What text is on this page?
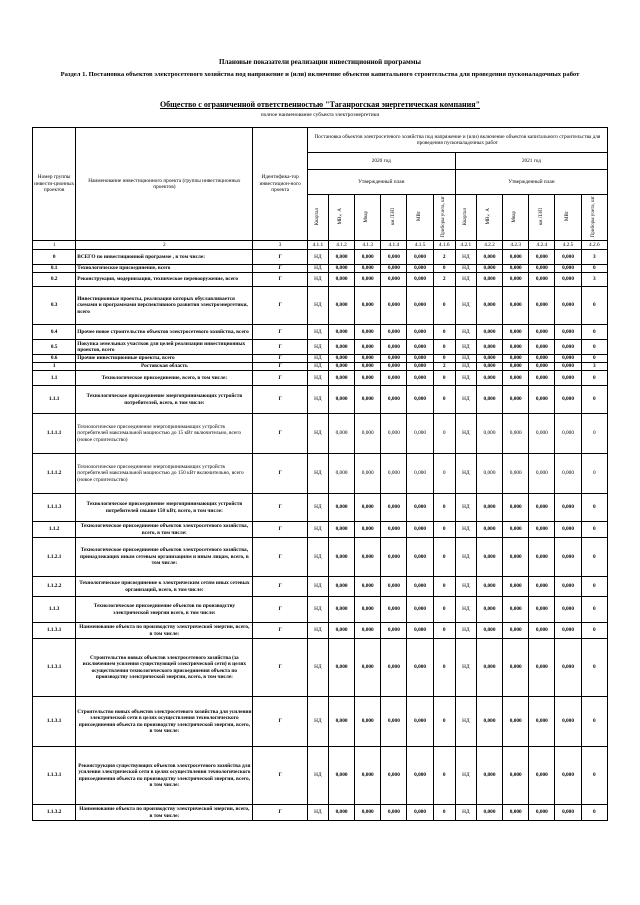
Плановые показатели реализации инвестиционной программы
Раздел 1. Постановка объектов электросетевого хозяйства под напряжение и (или) включение объектов капитального строительства для проведения пусконаладочных работ
Общество с ограниченной ответственностью "Таганрогская энергетическая компания"
полное наименование субъекта электроэнергетики
Номер группы инвести-ционных проектов	Наименование инвестиционного проекта (группы инвестиционных проектов)	Идентифика-тор инвестицион-ного проекта	Постановка объектов электросетевого хозяйства под напряжение и (или) включение объектов капитального строительства для проведения пусконаладочных работ											
			2020 год						2021 год					
			Утвержденный план						Утвержденный план					
			Квартал	МВ×А	Мвар	км ЛЭП	МВт	Приборы учета, шт	Квартал	МВ×А	Мвар	км ЛЭП	МВт	Приборы учета, шт
1	2	3	4.1.1	4.1.2	4.1.3	4.1.4	4.1.5	4.1.6	4.2.1	4.2.2	4.2.3	4.2.4	4.2.5	4.2.6
0	ВСЕГО по инвестиционной программе , в том числе:	Г	НД	0,000	0,000	0,000	0,000	2	НД	0,000	0,000	0,000	0,000	3
0.1	Технологическое присоединение, всего	Г	НД	0,000	0,000	0,000	0,000	0	НД	0,000	0,000	0,000	0,000	0
0.2	Реконструкция, модернизация, техническое перевооружение, всего	Г	НД	0,000	0,000	0,000	0,000	2	НД	0,000	0,000	0,000	0,000	3
0.3	Инвестиционные проекты, реализация которых обуславливается схемами и программами перспективного развития электроэнергетики, всего	Г	НД	0,000	0,000	0,000	0,000	0	НД	0,000	0,000	0,000	0,000	0
0.4	Прочее новое строительство объектов электросетевого хозяйства, всего	Г	НД	0,000	0,000	0,000	0,000	0	НД	0,000	0,000	0,000	0,000	0
0.5	Покупка земельных участков для целей реализации инвестиционных проектов, всего	Г	НД	0,000	0,000	0,000	0,000	0	НД	0,000	0,000	0,000	0,000	0
0.6	Прочие инвестиционные проекты, всего	Г	НД	0,000	0,000	0,000	0,000	0	НД	0,000	0,000	0,000	0,000	0
1	Ростовская область	Г	НД	0,000	0,000	0,000	0,000	2	НД	0,000	0,000	0,000	0,000	3
1.1	Технологическое присоединение, всего, в том числе:	Г	НД	0,000	0,000	0,000	0,000	0	НД	0,000	0,000	0,000	0,000	0
1.1.1	Технологическое присоединение энергопринимающих устройств потребителей, всего, в том числе:	Г	НД	0,000	0,000	0,000	0,000	0	НД	0,000	0,000	0,000	0,000	0
1.1.1.1	Технологическое присоединение энергопринимающих устройств потребителей максимальной мощностью до 15 кВт включительно, всего (новое строительство)	Г	НД	0,000	0,000	0,000	0,000	0	НД	0,000	0,000	0,000	0,000	0
1.1.1.2	Технологическое присоединение энергопринимающих устройств потребителей максимальной мощностью до 150 кВт включительно, всего (новое строительство)	Г	НД	0,000	0,000	0,000	0,000	0	НД	0,000	0,000	0,000	0,000	0
1.1.1.3	Технологическое присоединение энергопринимающих устройств потребителей свыше 150 кВт, всего, в том числе:	Г	НД	0,000	0,000	0,000	0,000	0	НД	0,000	0,000	0,000	0,000	0
1.1.2	Технологическое присоединение объектов электросетевого хозяйства, всего, в том числе:	Г	НД	0,000	0,000	0,000	0,000	0	НД	0,000	0,000	0,000	0,000	0
1.1.2.1	Технологическое присоединение объектов электросетевого хозяйства, принадлежащих иным сетевым организациям и иным лицам, всего, в том числе:	Г	НД	0,000	0,000	0,000	0,000	0	НД	0,000	0,000	0,000	0,000	0
1.1.2.2	Технологическое присоединение к электрическим сетям иных сетевых организаций, всего, в том числе:	Г	НД	0,000	0,000	0,000	0,000	0	НД	0,000	0,000	0,000	0,000	0
1.1.3	Технологическое присоединение объектов по производству электрической энергии всего, в том числе:	Г	НД	0,000	0,000	0,000	0,000	0	НД	0,000	0,000	0,000	0,000	0
1.1.3.1	Наименование объекта по производству электрической энергии, всего, в том числе:	Г	НД	0,000	0,000	0,000	0,000	0	НД	0,000	0,000	0,000	0,000	0
1.1.3.1	Строительство новых объектов электросетевого хозяйства (за исключением усиления существующей электрической сети) в целях осуществления технологического присоединения объекта по производству электрической энергии, всего, в том числе:	Г	НД	0,000	0,000	0,000	0,000	0	НД	0,000	0,000	0,000	0,000	0
1.1.3.1	Строительство новых объектов электросетевого хозяйства для усиления электрической сети в целях осуществления технологического присоединения объекта по производству электрической энергии, всего, в том числе:	Г	НД	0,000	0,000	0,000	0,000	0	НД	0,000	0,000	0,000	0,000	0
1.1.3.1	Реконструкция существующих объектов электросетевого хозяйства для усиления электрической сети в целях осуществления технологического присоединения объекта по производству электрической энергии, всего, в том числе:	Г	НД	0,000	0,000	0,000	0,000	0	НД	0,000	0,000	0,000	0,000	0
1.1.3.2	Наименование объекта по производству электрической энергии, всего, в том числе:	Г	НД	0,000	0,000	0,000	0,000	0	НД	0,000	0,000	0,000	0,000	0
